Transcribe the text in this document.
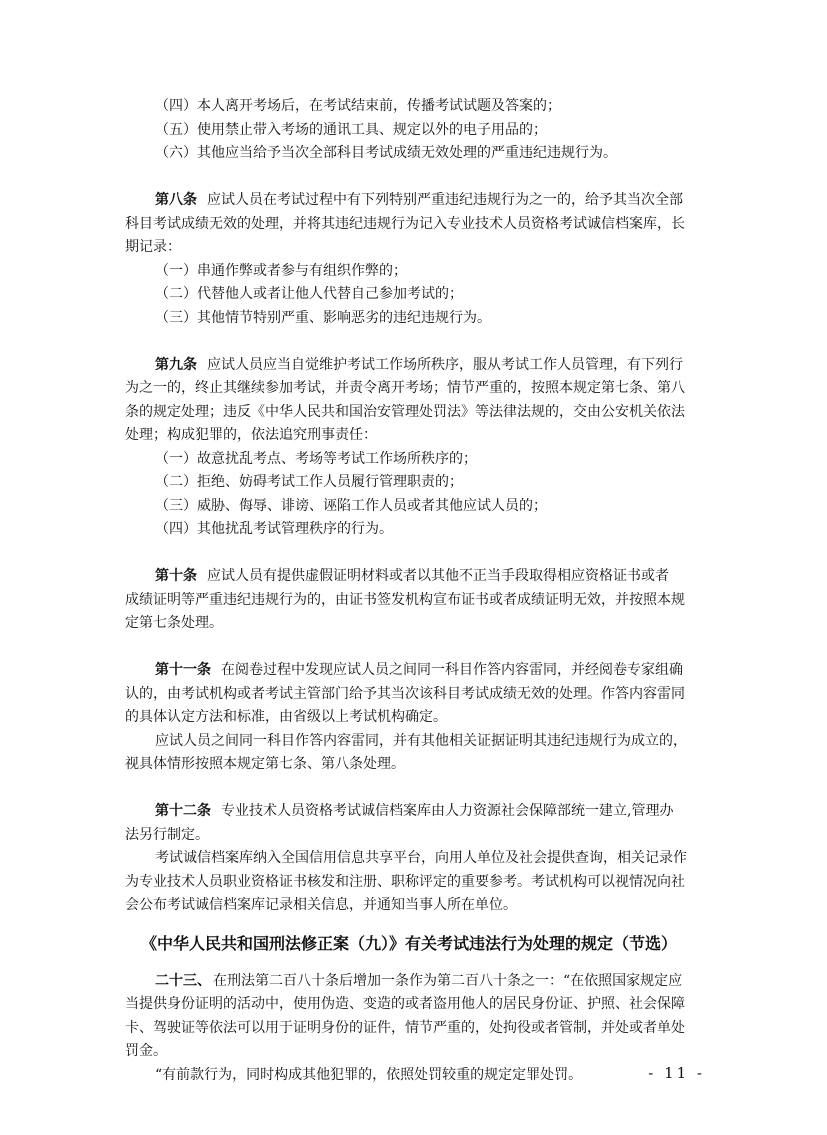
（四）本人离开考场后，在考试结束前，传播考试试题及答案的；
（五）使用禁止带入考场的通讯工具、规定以外的电子用品的；
（六）其他应当给予当次全部科目考试成绩无效处理的严重违纪违规行为。
第八条 应试人员在考试过程中有下列特别严重违纪违规行为之一的，给予其当次全部
科目考试成绩无效的处理，并将其违纪违规行为记入专业技术人员资格考试诚信档案库，长
期记录：
（一）串通作弊或者参与有组织作弊的；
（二）代替他人或者让他人代替自己参加考试的；
（三）其他情节特别严重、影响恶劣的违纪违规行为。
第九条 应试人员应当自觉维护考试工作场所秩序，服从考试工作人员管理，有下列行
为之一的，终止其继续参加考试，并责令离开考场；情节严重的，按照本规定第七条、第八
条的规定处理；违反《中华人民共和国治安管理处罚法》等法律法规的，交由公安机关依法
处理；构成犯罪的，依法追究刑事责任：
（一）故意扰乱考点、考场等考试工作场所秩序的；
（二）拒绝、妨碍考试工作人员履行管理职责的；
（三）威胁、侮辱、诽谤、诬陷工作人员或者其他应试人员的；
（四）其他扰乱考试管理秩序的行为。
第十条 应试人员有提供虚假证明材料或者以其他不正当手段取得相应资格证书或者
成绩证明等严重违纪违规行为的，由证书签发机构宣布证书或者成绩证明无效，并按照本规
定第七条处理。
第十一条 在阅卷过程中发现应试人员之间同一科目作答内容雷同，并经阅卷专家组确
认的，由考试机构或者考试主管部门给予其当次该科目考试成绩无效的处理。作答内容雷同
的具体认定方法和标准，由省级以上考试机构确定。
应试人员之间同一科目作答内容雷同，并有其他相关证据证明其违纪违规行为成立的，
视具体情形按照本规定第七条、第八条处理。
第十二条 专业技术人员资格考试诚信档案库由人力资源社会保障部统一建立,管理办
法另行制定。
考试诚信档案库纳入全国信用信息共享平台，向用人单位及社会提供查询，相关记录作
为专业技术人员职业资格证书核发和注册、职称评定的重要参考。考试机构可以视情况向社
会公布考试诚信档案库记录相关信息，并通知当事人所在单位。
《中华人民共和国刑法修正案（九）》有关考试违法行为处理的规定（节选）
二十三、 在刑法第二百八十条后增加一条作为第二百八十条之一：“在依照国家规定应
当提供身份证明的活动中，使用伪造、变造的或者盗用他人的居民身份证、护照、社会保障
卡、驾驶证等依法可以用于证明身份的证件，情节严重的，处拘役或者管制，并处或者单处
罚金。
“有前款行为，同时构成其他犯罪的，依照处罚较重的规定定罪处罚。	- 11 -
